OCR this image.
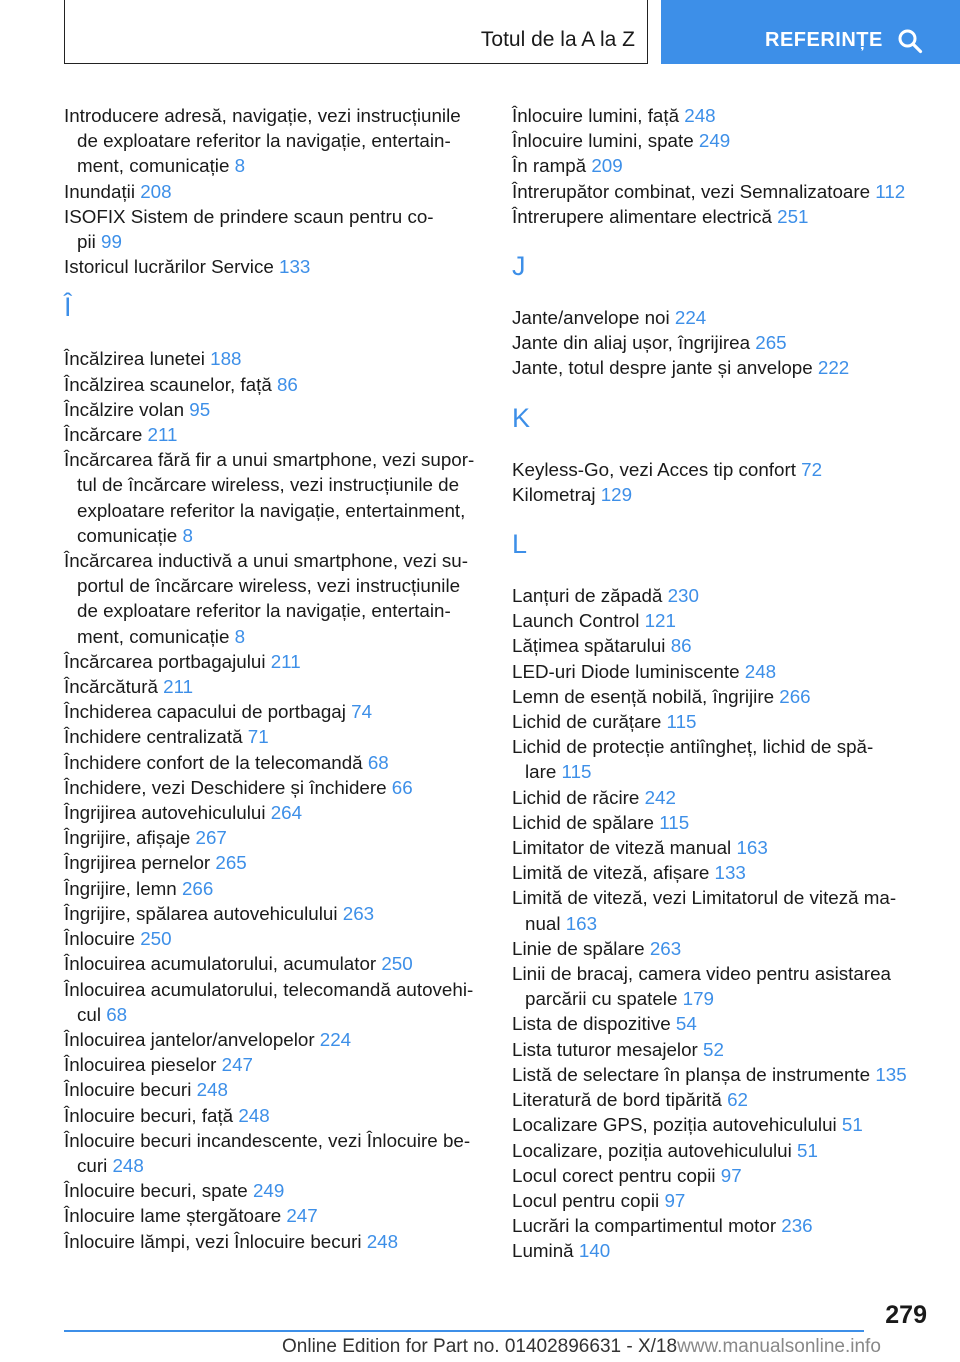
Totul de la A la Z	REFERINȚE
Introducere adresă, navigație, vezi instrucțiunile
de exploatare referitor la navigație, entertain-
ment, comunicație 8
Inundații 208
ISOFIX Sistem de prindere scaun pentru co-
pii 99
Istoricul lucrărilor Service 133
Î
Încălzirea lunetei 188
Încălzirea scaunelor, față 86
Încălzire volan 95
Încărcare 211
Încărcarea fără fir a unui smartphone, vezi supor-
tul de încărcare wireless, vezi instrucțiunile de
exploatare referitor la navigație, entertainment,
comunicație 8
Încărcarea inductivă a unui smartphone, vezi su-
portul de încărcare wireless, vezi instrucțiunile
de exploatare referitor la navigație, entertain-
ment, comunicație 8
Încărcarea portbagajului 211
Încărcătură 211
Închiderea capacului de portbagaj 74
Închidere centralizată 71
Închidere confort de la telecomandă 68
Închidere, vezi Deschidere și închidere 66
Îngrijirea autovehiculului 264
Îngrijire, afișaje 267
Îngrijirea pernelor 265
Îngrijire, lemn 266
Îngrijire, spălarea autovehiculului 263
Înlocuire 250
Înlocuirea acumulatorului, acumulator 250
Înlocuirea acumulatorului, telecomandă autovehi-
cul 68
Înlocuirea jantelor/anvelopelor 224
Înlocuirea pieselor 247
Înlocuire becuri 248
Înlocuire becuri, față 248
Înlocuire becuri incandescente, vezi Înlocuire be-
curi 248
Înlocuire becuri, spate 249
Înlocuire lame ștergătoare 247
Înlocuire lămpi, vezi Înlocuire becuri 248
Înlocuire lumini, față 248
Înlocuire lumini, spate 249
În rampă 209
Întrerupător combinat, vezi Semnalizatoare 112
Întrerupere alimentare electrică 251
J
Jante/anvelope noi 224
Jante din aliaj ușor, îngrijirea 265
Jante, totul despre jante și anvelope 222
K
Keyless-Go, vezi Acces tip confort 72
Kilometraj 129
L
Lanțuri de zăpadă 230
Launch Control 121
Lățimea spătarului 86
LED-uri Diode luminiscente 248
Lemn de esență nobilă, îngrijire 266
Lichid de curățare 115
Lichid de protecție antiîngheț, lichid de spă-
lare 115
Lichid de răcire 242
Lichid de spălare 115
Limitator de viteză manual 163
Limită de viteză, afișare 133
Limită de viteză, vezi Limitatorul de viteză ma-
nual 163
Linie de spălare 263
Linii de bracaj, camera video pentru asistarea
parcării cu spatele 179
Lista de dispozitive 54
Lista tuturor mesajelor 52
Listă de selectare în planșa de instrumente 135
Literatură de bord tipărită 62
Localizare GPS, poziția autovehiculului 51
Localizare, poziția autovehiculului 51
Locul corect pentru copii 97
Locul pentru copii 97
Lucrări la compartimentul motor 236
Lumină 140
279
Online Edition for Part no. 01402896631 - X/18www.manualsonline.info
